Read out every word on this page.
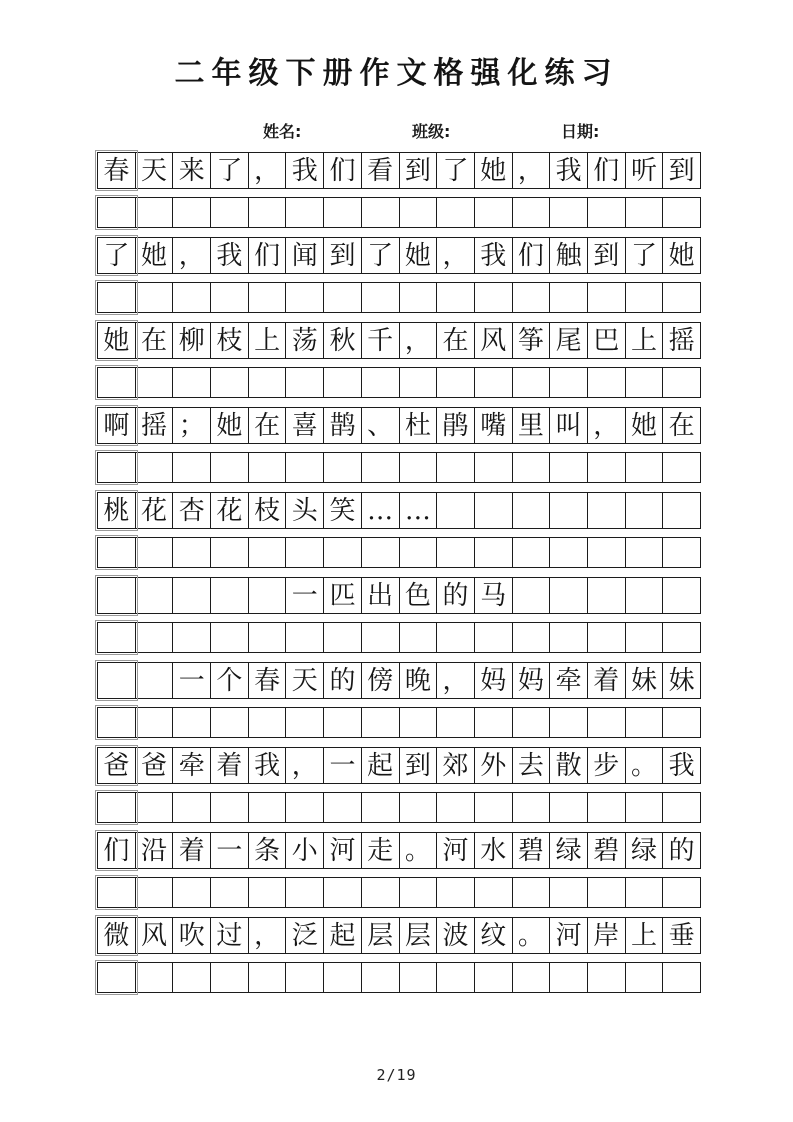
二年级下册作文格强化练习
姓名:	班级:	日期:
春 天 来 了 ， 我 们 看 到 了 她 ， 我 们 听 到
了 她 ， 我 们 闻 到 了 她 ， 我 们 触 到 了 她
她 在 柳 枝 上 荡 秋 千 ， 在 风 筝 尾 巴 上 摇
啊 摇 ； 她 在 喜 鹊 、 杜 鹃 嘴 里 叫 ， 她 在
桃 花 杏 花 枝 头 笑 … …
一 匹 出 色 的 马
一 个 春 天 的 傍 晚 ， 妈 妈 牵 着 妹 妹
爸 爸 牵 着 我 ， 一 起 到 郊 外 去 散 步 。 我
们 沿 着 一 条 小 河 走 。 河 水 碧 绿 碧 绿 的
微 风 吹 过 ， 泛 起 层 层 波 纹 。 河 岸 上 垂
2/19
